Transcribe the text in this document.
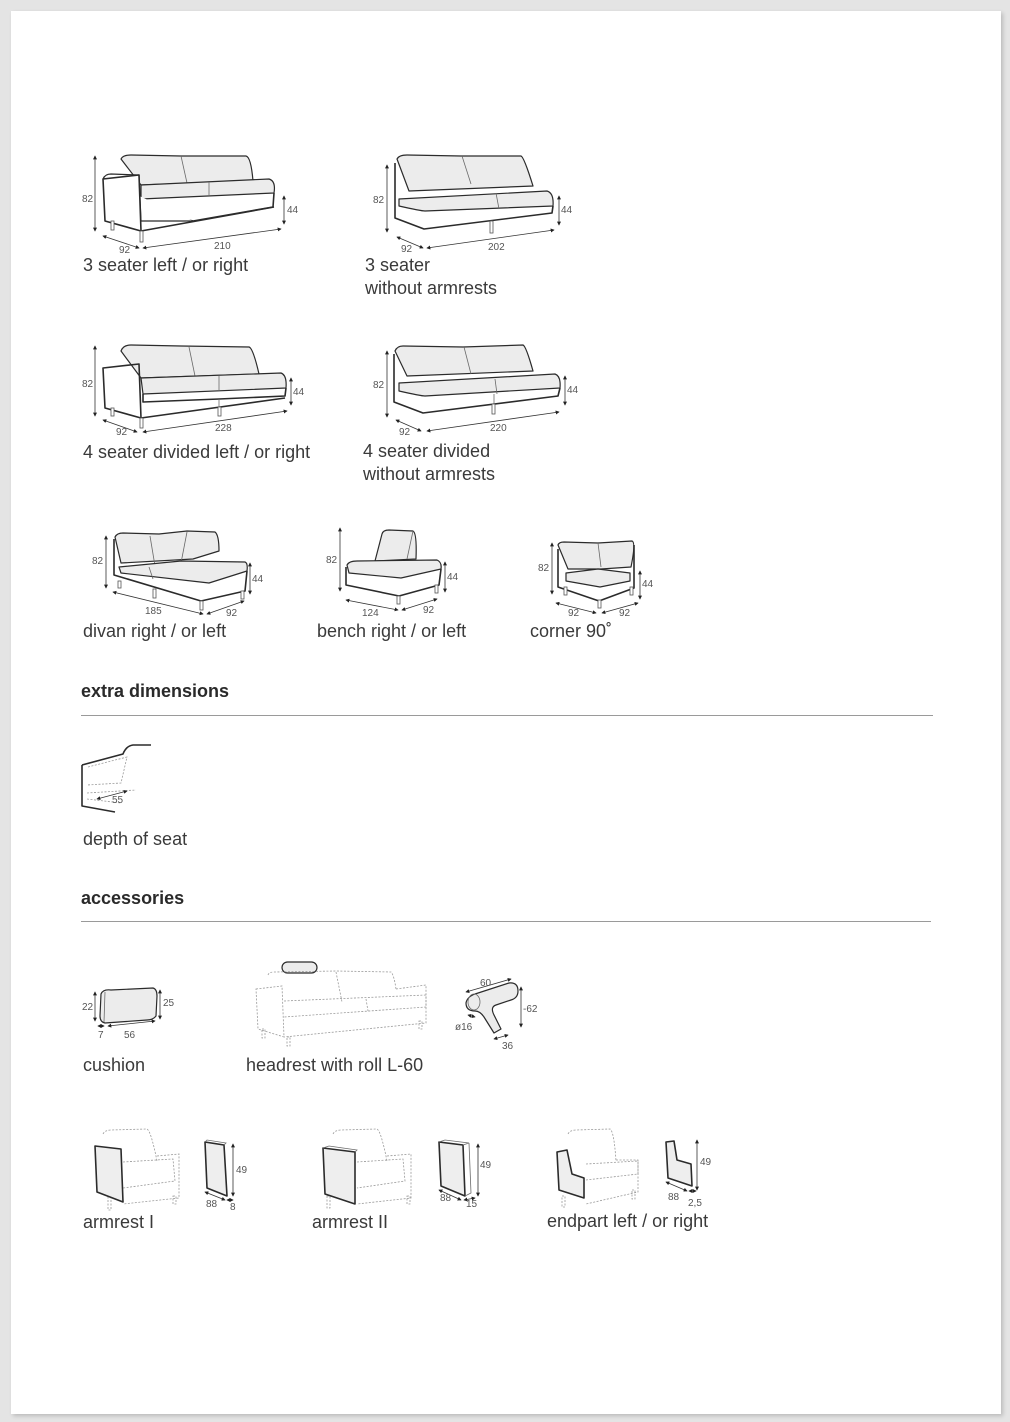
82
44
92	210
3 seater left / or right
82
44
92	202
3 seater
without armrests
82
44
92	228
4 seater divided left / or right
82	44
92	220
4 seater divided
without armrests
82
44
185	92
divan right / or left
82
44
124	92
bench right / or left
82
44
92	92
corner 90˚
extra dimensions
55
depth of seat
accessories
22	25
7 56
cushion
60
-62
ø16
36
headrest with roll L-60
49
88 8
armrest I
49
88
15
armrest II
49
88
2,5
endpart left / or right
